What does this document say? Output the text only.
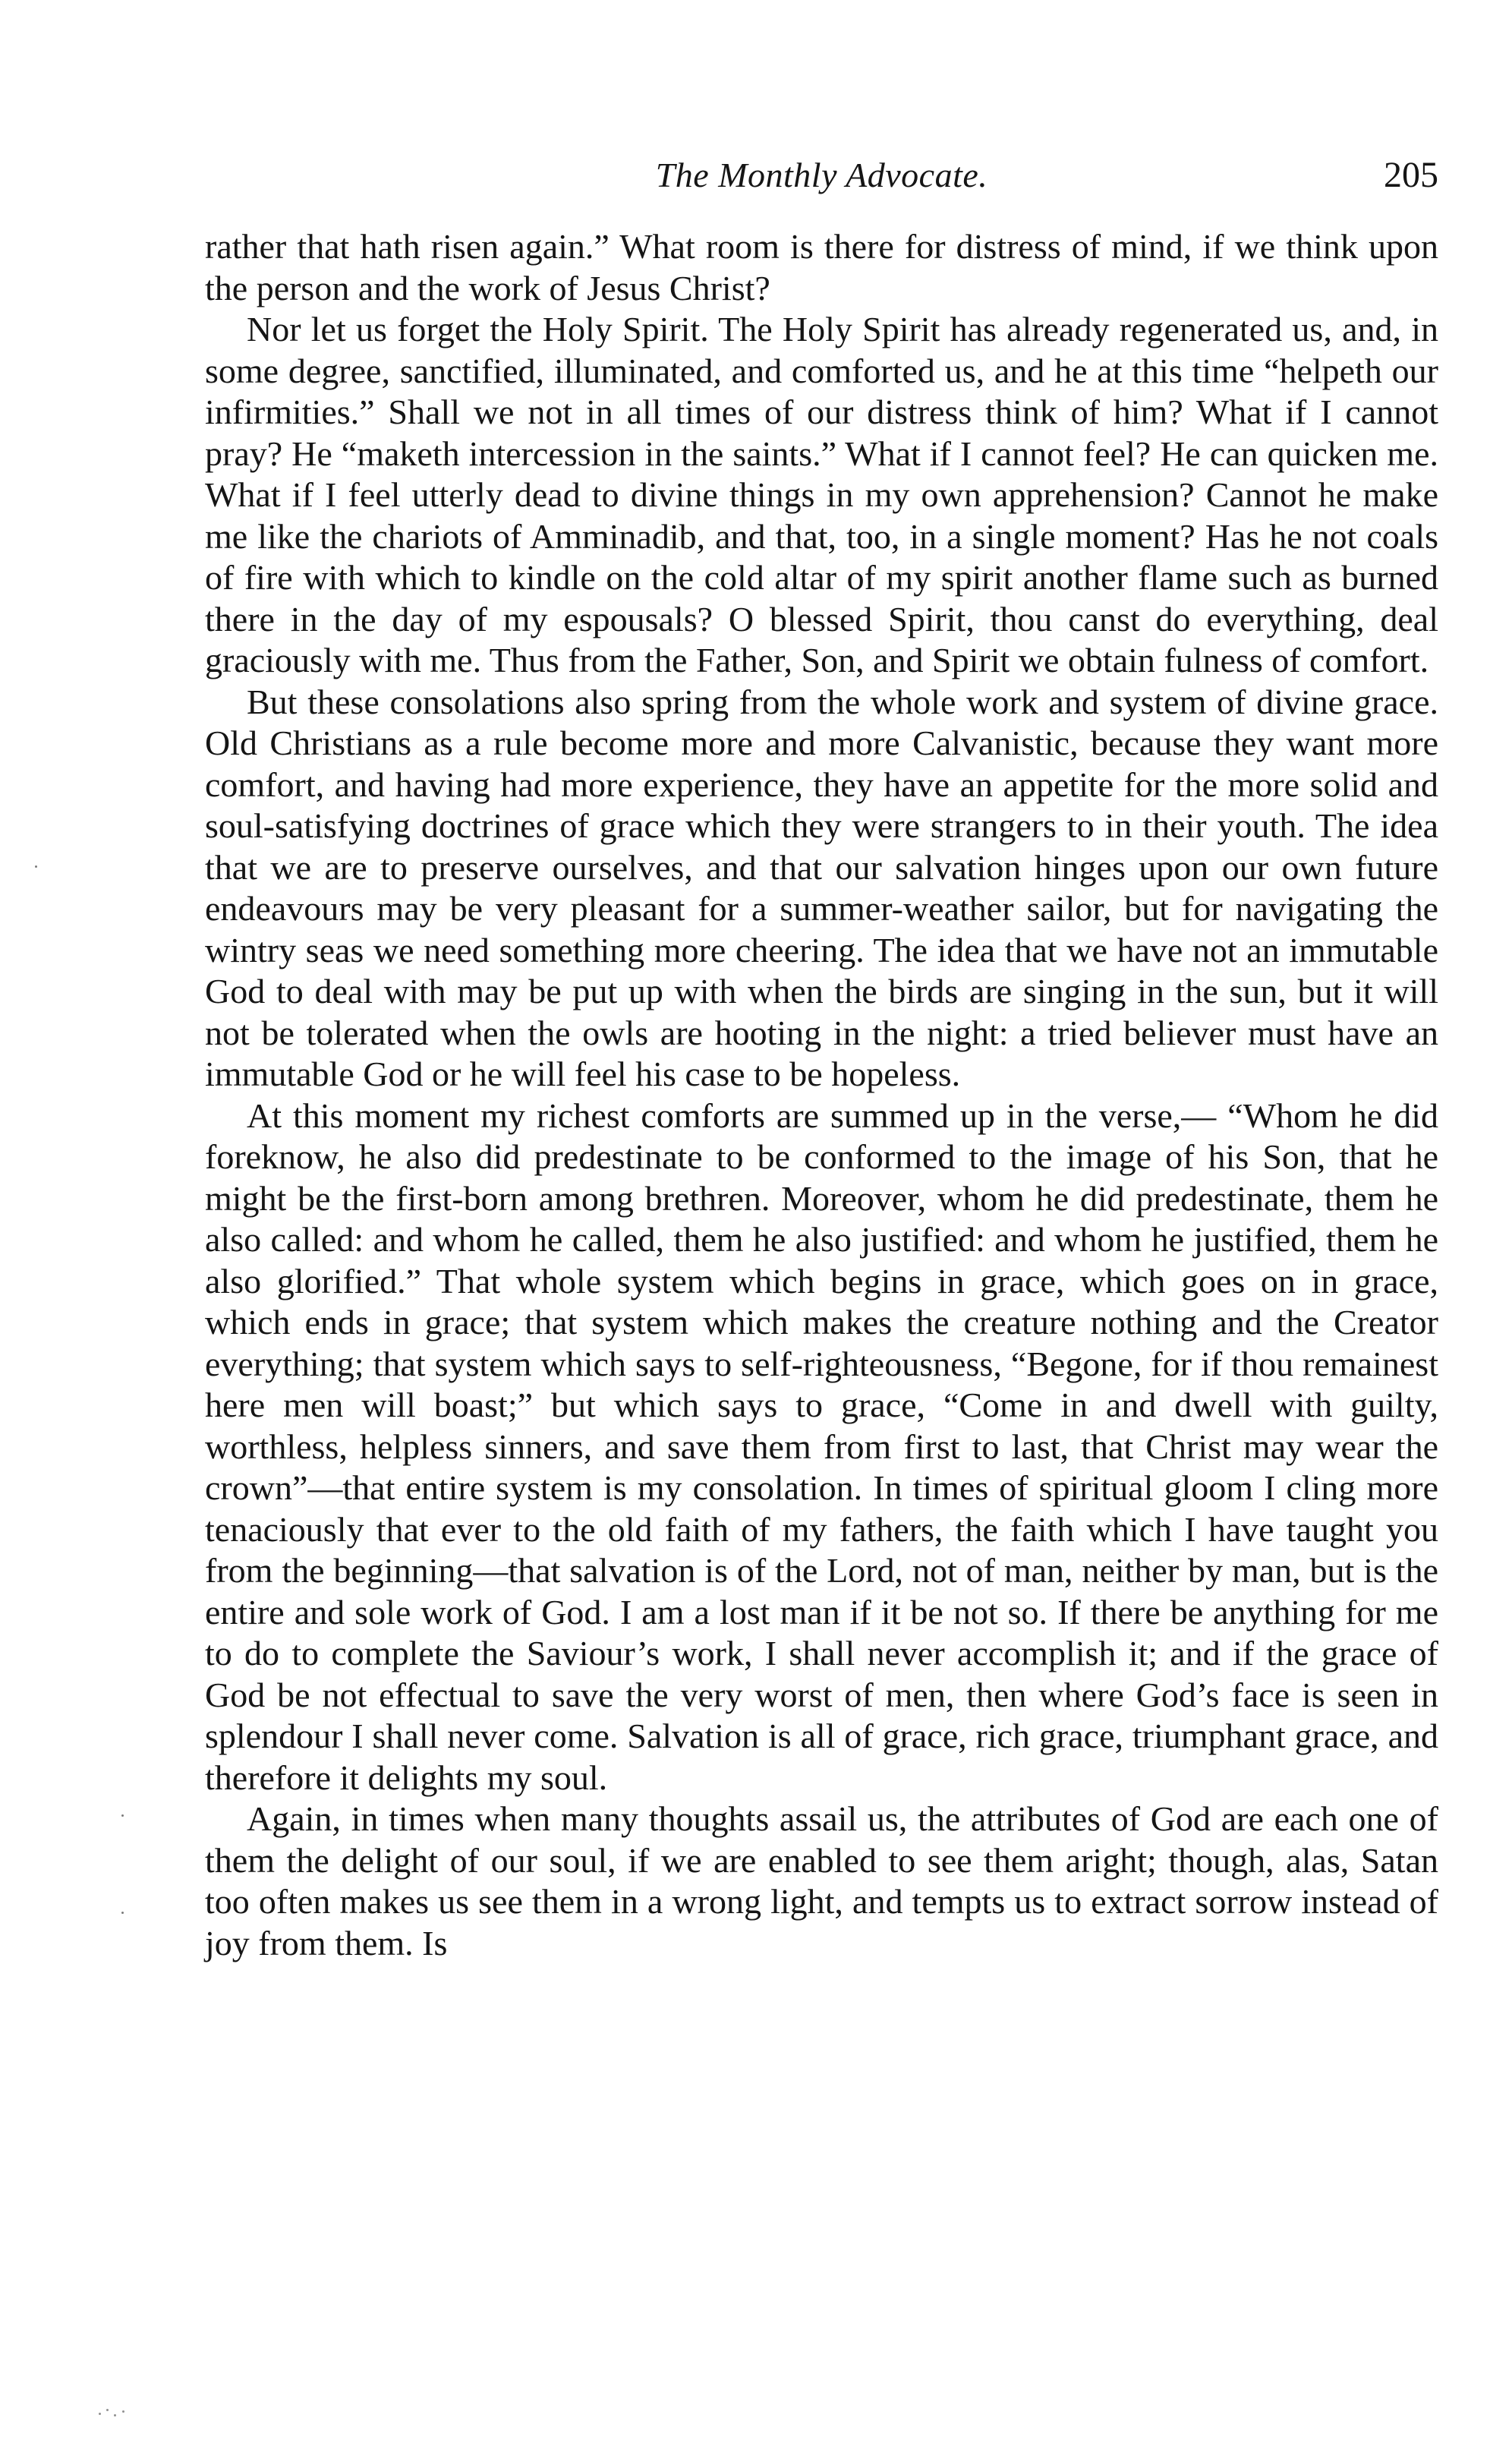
The Monthly Advocate.	205

rather that hath risen again.” What room is there for distress of mind, if we think upon the person and the work of Jesus Christ?

Nor let us forget the Holy Spirit. The Holy Spirit has already regenerated us, and, in some degree, sanctified, illuminated, and comforted us, and he at this time “helpeth our infirmities.” Shall we not in all times of our distress think of him? What if I cannot pray? He “maketh intercession in the saints.” What if I cannot feel? He can quicken me. What if I feel utterly dead to divine things in my own apprehension? Cannot he make me like the chariots of Amminadib, and that, too, in a single moment? Has he not coals of fire with which to kindle on the cold altar of my spirit another flame such as burned there in the day of my espousals? O blessed Spirit, thou canst do everything, deal graciously with me. Thus from the Father, Son, and Spirit we obtain fulness of comfort.

But these consolations also spring from the whole work and system of divine grace. Old Christians as a rule become more and more Calvanistic, because they want more comfort, and having had more experience, they have an appetite for the more solid and soul-satisfying doctrines of grace which they were strangers to in their youth. The idea that we are to preserve ourselves, and that our salvation hinges upon our own future endeavours may be very pleasant for a summer-weather sailor, but for navigating the wintry seas we need something more cheering. The idea that we have not an immutable God to deal with may be put up with when the birds are singing in the sun, but it will not be tolerated when the owls are hooting in the night: a tried believer must have an immutable God or he will feel his case to be hopeless.

At this moment my richest comforts are summed up in the verse,— “Whom he did foreknow, he also did predestinate to be conformed to the image of his Son, that he might be the first-born among brethren. Moreover, whom he did predestinate, them he also called: and whom he called, them he also justified: and whom he justified, them he also glorified.” That whole system which begins in grace, which goes on in grace, which ends in grace; that system which makes the creature nothing and the Creator everything; that system which says to self-righteousness, “Begone, for if thou remainest here men will boast;” but which says to grace, “Come in and dwell with guilty, worthless, helpless sinners, and save them from first to last, that Christ may wear the crown”—that entire system is my consolation. In times of spiritual gloom I cling more tenaciously that ever to the old faith of my fathers, the faith which I have taught you from the beginning—that salvation is of the Lord, not of man, neither by man, but is the entire and sole work of God. I am a lost man if it be not so. If there be anything for me to do to complete the Saviour’s work, I shall never accomplish it; and if the grace of God be not effectual to save the very worst of men, then where God’s face is seen in splendour I shall never come. Salvation is all of grace, rich grace, triumphant grace, and therefore it delights my soul.

Again, in times when many thoughts assail us, the attributes of God are each one of them the delight of our soul, if we are enabled to see them aright; though, alas, Satan too often makes us see them in a wrong light, and tempts us to extract sorrow instead of joy from them. Is
